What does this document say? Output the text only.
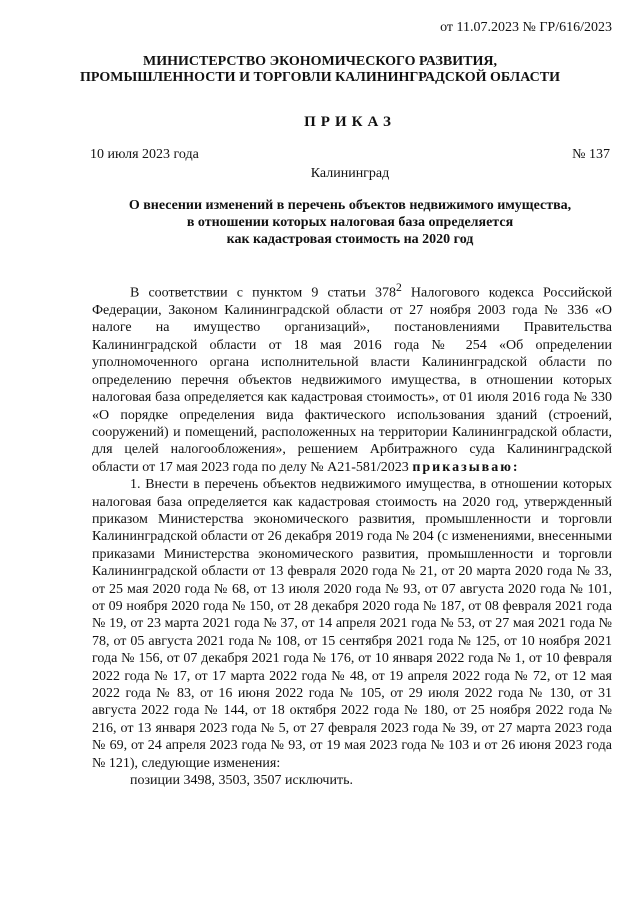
от 11.07.2023 № ГР/616/2023
МИНИСТЕРСТВО ЭКОНОМИЧЕСКОГО РАЗВИТИЯ,
ПРОМЫШЛЕННОСТИ И ТОРГОВЛИ КАЛИНИНГРАДСКОЙ ОБЛАСТИ
ПРИКАЗ
10 июля 2023 года	№ 137
Калининград
О внесении изменений в перечень объектов недвижимого имущества,
в отношении которых налоговая база определяется
как кадастровая стоимость на 2020 год

В соответствии с пунктом 9 статьи $378^2$ Налогового кодекса Российской Федерации, Законом Калининградской области от 27 ноября 2003 года № 336 «О налоге на имущество организаций», постановлениями Правительства Калининградской области от 18 мая 2016 года № 254 «Об определении уполномоченного органа исполнительной власти Калининградской области по определению перечня объектов недвижимого имущества, в отношении которых налоговая база определяется как кадастровая стоимость», от 01 июля 2016 года № 330 «О порядке определения вида фактического использования зданий (строений, сооружений) и помещений, расположенных на территории Калининградской области, для целей налогообложения», решением Арбитражного суда Калининградской области от 17 мая 2023 года по делу № А21-581/2023 приказываю:

1. Внести в перечень объектов недвижимого имущества, в отношении которых налоговая база определяется как кадастровая стоимость на 2020 год, утвержденный приказом Министерства экономического развития, промышленности и торговли Калининградской области от 26 декабря 2019 года № 204 (с изменениями, внесенными приказами Министерства экономического развития, промышленности и торговли Калининградской области от 13 февраля 2020 года № 21, от 20 марта 2020 года № 33, от 25 мая 2020 года № 68, от 13 июля 2020 года № 93, от 07 августа 2020 года № 101, от 09 ноября 2020 года № 150, от 28 декабря 2020 года № 187, от 08 февраля 2021 года № 19, от 23 марта 2021 года № 37, от 14 апреля 2021 года № 53, от 27 мая 2021 года № 78, от 05 августа 2021 года № 108, от 15 сентября 2021 года № 125, от 10 ноября 2021 года № 156, от 07 декабря 2021 года № 176, от 10 января 2022 года № 1, от 10 февраля 2022 года № 17, от 17 марта 2022 года № 48, от 19 апреля 2022 года № 72, от 12 мая 2022 года № 83, от 16 июня 2022 года № 105, от 29 июля 2022 года № 130, от 31 августа 2022 года № 144, от 18 октября 2022 года № 180, от 25 ноября 2022 года № 216, от 13 января 2023 года № 5, от 27 февраля 2023 года № 39, от 27 марта 2023 года № 69, от 24 апреля 2023 года № 93, от 19 мая 2023 года № 103 и от 26 июня 2023 года № 121), следующие изменения:

позиции 3498, 3503, 3507 исключить.
